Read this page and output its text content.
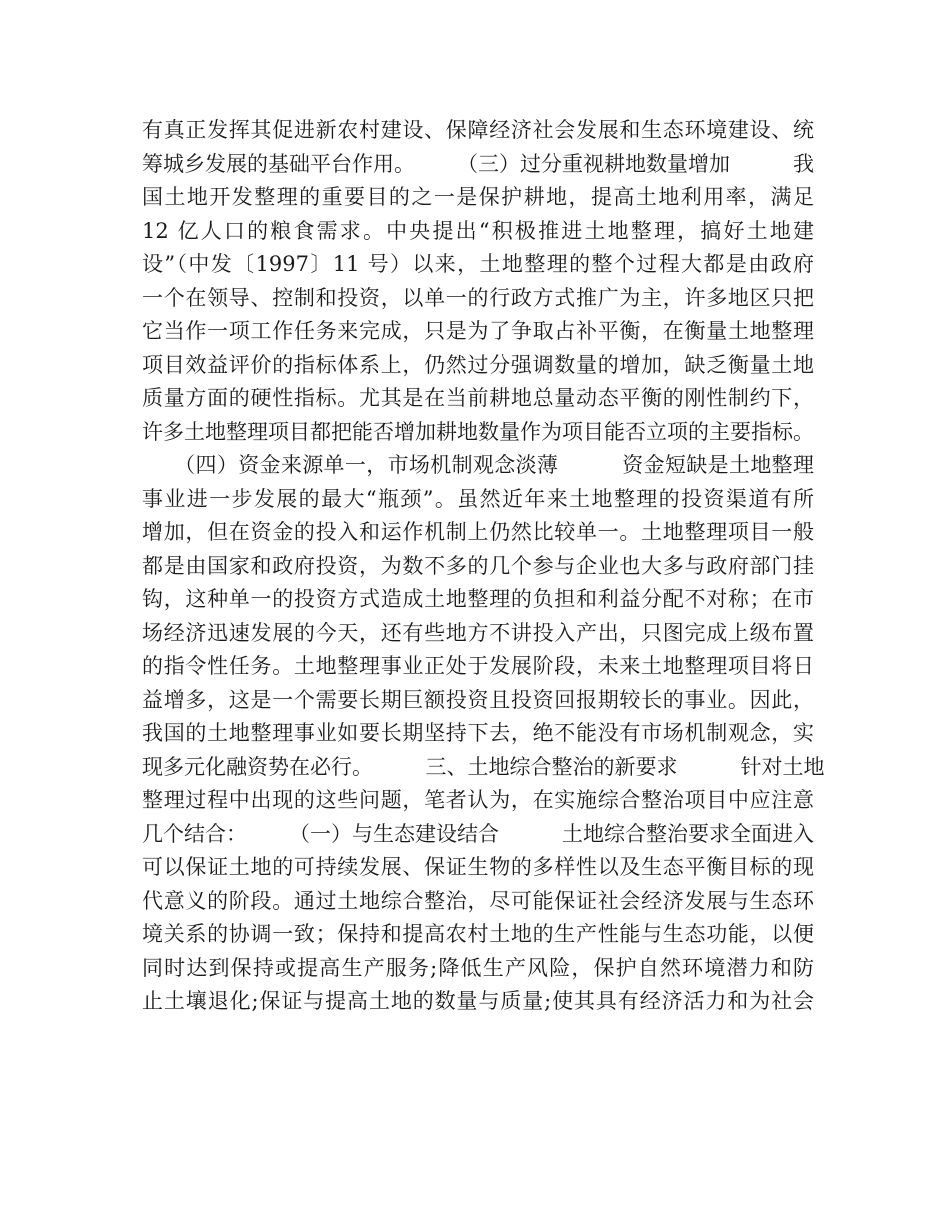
有真正发挥其促进新农村建设、保障经济社会发展和生态环境建设、统
筹城乡发展的基础平台作用。　　　（三）过分重视耕地数量增加　　　我
国土地开发整理的重要目的之一是保护耕地，提高土地利用率，满足
12 亿人口的粮食需求。中央提出“积极推进土地整理，搞好土地建
设”（中发〔1997〕11 号）以来，土地整理的整个过程大都是由政府
一个在领导、控制和投资，以单一的行政方式推广为主，许多地区只把
它当作一项工作任务来完成，只是为了争取占补平衡，在衡量土地整理
项目效益评价的指标体系上，仍然过分强调数量的增加，缺乏衡量土地
质量方面的硬性指标。尤其是在当前耕地总量动态平衡的刚性制约下，
许多土地整理项目都把能否增加耕地数量作为项目能否立项的主要指标。
　　（四）资金来源单一，市场机制观念淡薄　　　资金短缺是土地整理
事业进一步发展的最大“瓶颈”。虽然近年来土地整理的投资渠道有所
增加，但在资金的投入和运作机制上仍然比较单一。土地整理项目一般
都是由国家和政府投资，为数不多的几个参与企业也大多与政府部门挂
钩，这种单一的投资方式造成土地整理的负担和利益分配不对称；在市
场经济迅速发展的今天，还有些地方不讲投入产出，只图完成上级布置
的指令性任务。土地整理事业正处于发展阶段，未来土地整理项目将日
益增多，这是一个需要长期巨额投资且投资回报期较长的事业。因此，
我国的土地整理事业如要长期坚持下去，绝不能没有市场机制观念，实
现多元化融资势在必行。　　　三、土地综合整治的新要求　　　针对土地
整理过程中出现的这些问题，笔者认为，在实施综合整治项目中应注意
几个结合：　　　（一）与生态建设结合　　　土地综合整治要求全面进入
可以保证土地的可持续发展、保证生物的多样性以及生态平衡目标的现
代意义的阶段。通过土地综合整治，尽可能保证社会经济发展与生态环
境关系的协调一致；保持和提高农村土地的生产性能与生态功能，以便
同时达到保持或提高生产服务;降低生产风险，保护自然环境潜力和防
止土壤退化;保证与提高土地的数量与质量;使其具有经济活力和为社会
